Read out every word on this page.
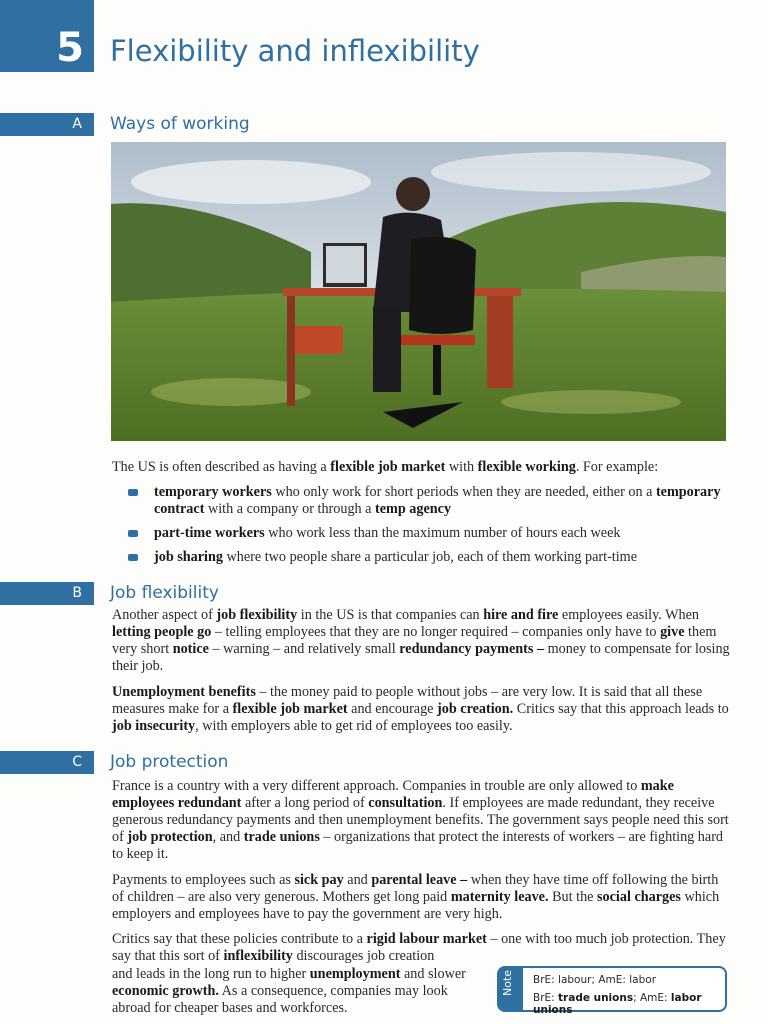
5 Flexibility and inflexibility
A	Ways of working

The US is often described as having a flexible job market with flexible working. For example:

temporary workers who only work for short periods when they are needed, either on a temporary contract with a company or through a temp agency
part-time workers who work less than the maximum number of hours each week
job sharing where two people share a particular job, each of them working part-time
B	Job flexibility

Another aspect of job flexibility in the US is that companies can hire and fire employees easily. When letting people go – telling employees that they are no longer required – companies only have to give them very short notice – warning – and relatively small redundancy payments – money to compensate for losing their job.

Unemployment benefits – the money paid to people without jobs – are very low. It is said that all these measures make for a flexible job market and encourage job creation. Critics say that this approach leads to job insecurity, with employers able to get rid of employees too easily.

C	Job protection

France is a country with a very different approach. Companies in trouble are only allowed to make employees redundant after a long period of consultation. If employees are made redundant, they receive generous redundancy payments and then unemployment benefits. The government says people need this sort of job protection, and trade unions – organizations that protect the interests of workers – are fighting hard to keep it.

Payments to employees such as sick pay and parental leave – when they have time off following the birth of children – are also very generous. Mothers get long paid maternity leave. But the social charges which employers and employees have to pay the government are very high.

Critics say that these policies contribute to a rigid labour market – one with too much job protection. They say that this sort of inflexibility discourages job creation

and leads in the long run to higher unemployment and slower economic growth. As a consequence, companies may look abroad for cheaper bases and workforces.

Note BrE: labour; AmE: labor
BrE: trade unions; AmE: labor unions
